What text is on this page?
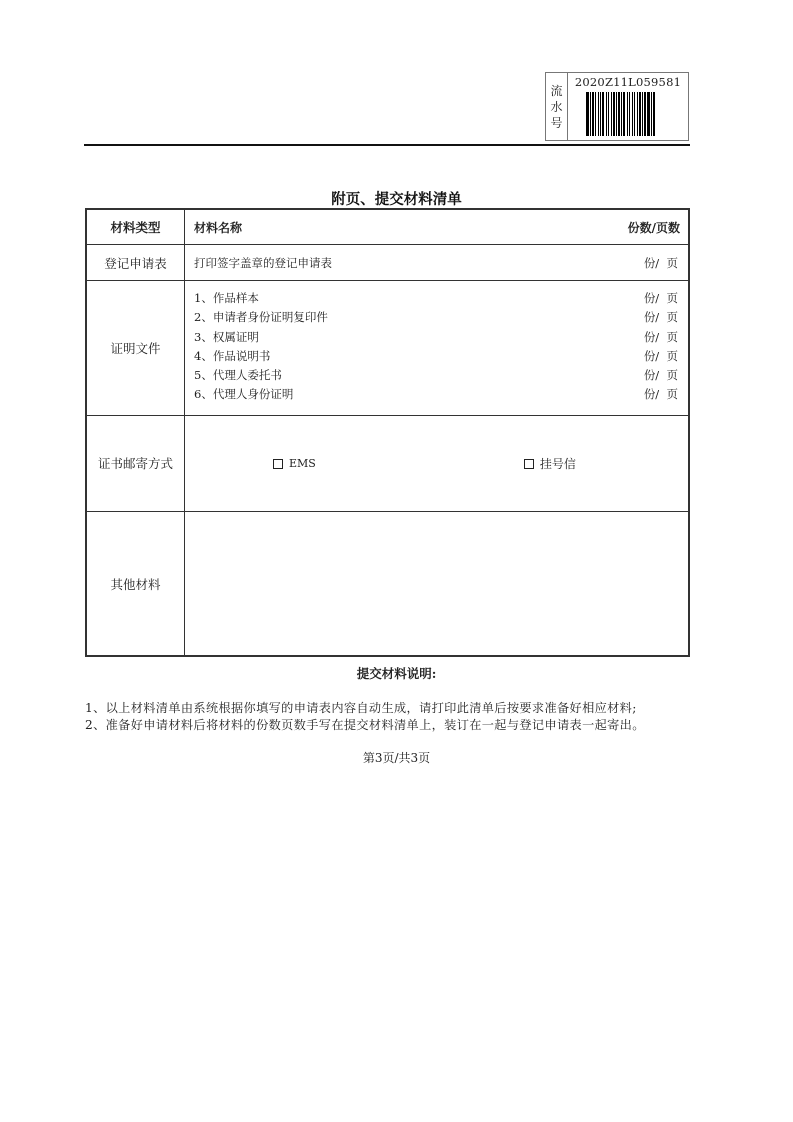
流
水
号
2020Z11L059581
附页、提交材料清单
材料类型	材料名称 份数/页数

登记申请表	打印签字盖章的登记申请表 份/  页

证明文件	
1、作品样本	份/  页
2、申请者身份证明复印件	份/  页
3、权属证明	份/  页
4、作品说明书	份/  页
5、代理人委托书	份/  页
6、代理人身份证明	份/  页

证书邮寄方式	EMS 挂号信

其他材料	
提交材料说明:
1、以上材料清单由系统根据你填写的申请表内容自动生成，请打印此清单后按要求准备好相应材料;
2、准备好申请材料后将材料的份数页数手写在提交材料清单上，装订在一起与登记申请表一起寄出。
第3页/共3页
